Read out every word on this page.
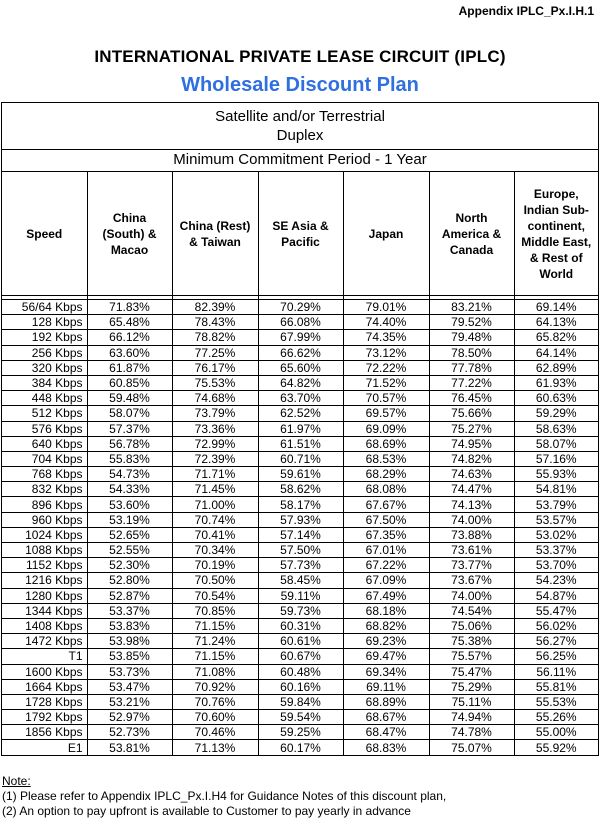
Appendix IPLC_Px.I.H.1
INTERNATIONAL PRIVATE LEASE CIRCUIT (IPLC)
Wholesale Discount Plan
Satellite and/or Terrestrial
Duplex
Minimum Commitment Period - 1 Year
Speed	China (South) & Macao	China (Rest) & Taiwan	SE Asia & Pacific	Japan	North America & Canada	Europe, Indian Sub-continent, Middle East, & Rest of World

56/64 Kbps	71.83%	82.39%	70.29%	79.01%	83.21%	69.14%
128 Kbps	65.48%	78.43%	66.08%	74.40%	79.52%	64.13%
192 Kbps	66.12%	78.82%	67.99%	74.35%	79.48%	65.82%
256 Kbps	63.60%	77.25%	66.62%	73.12%	78.50%	64.14%
320 Kbps	61.87%	76.17%	65.60%	72.22%	77.78%	62.89%
384 Kbps	60.85%	75.53%	64.82%	71.52%	77.22%	61.93%
448 Kbps	59.48%	74.68%	63.70%	70.57%	76.45%	60.63%
512 Kbps	58.07%	73.79%	62.52%	69.57%	75.66%	59.29%
576 Kbps	57.37%	73.36%	61.97%	69.09%	75.27%	58.63%
640 Kbps	56.78%	72.99%	61.51%	68.69%	74.95%	58.07%
704 Kbps	55.83%	72.39%	60.71%	68.53%	74.82%	57.16%
768 Kbps	54.73%	71.71%	59.61%	68.29%	74.63%	55.93%
832 Kbps	54.33%	71.45%	58.62%	68.08%	74.47%	54.81%
896 Kbps	53.60%	71.00%	58.17%	67.67%	74.13%	53.79%
960 Kbps	53.19%	70.74%	57.93%	67.50%	74.00%	53.57%
1024 Kbps	52.65%	70.41%	57.14%	67.35%	73.88%	53.02%
1088 Kbps	52.55%	70.34%	57.50%	67.01%	73.61%	53.37%
1152 Kbps	52.30%	70.19%	57.73%	67.22%	73.77%	53.70%
1216 Kbps	52.80%	70.50%	58.45%	67.09%	73.67%	54.23%
1280 Kbps	52.87%	70.54%	59.11%	67.49%	74.00%	54.87%
1344 Kbps	53.37%	70.85%	59.73%	68.18%	74.54%	55.47%
1408 Kbps	53.83%	71.15%	60.31%	68.82%	75.06%	56.02%
1472 Kbps	53.98%	71.24%	60.61%	69.23%	75.38%	56.27%
T1	53.85%	71.15%	60.67%	69.47%	75.57%	56.25%
1600 Kbps	53.73%	71.08%	60.48%	69.34%	75.47%	56.11%
1664 Kbps	53.47%	70.92%	60.16%	69.11%	75.29%	55.81%
1728 Kbps	53.21%	70.76%	59.84%	68.89%	75.11%	55.53%
1792 Kbps	52.97%	70.60%	59.54%	68.67%	74.94%	55.26%
1856 Kbps	52.73%	70.46%	59.25%	68.47%	74.78%	55.00%
E1	53.81%	71.13%	60.17%	68.83%	75.07%	55.92%
Note:
(1) Please refer to Appendix IPLC_Px.I.H4 for Guidance Notes of this discount plan,
(2) An option to pay upfront is available to Customer to pay yearly in advance
